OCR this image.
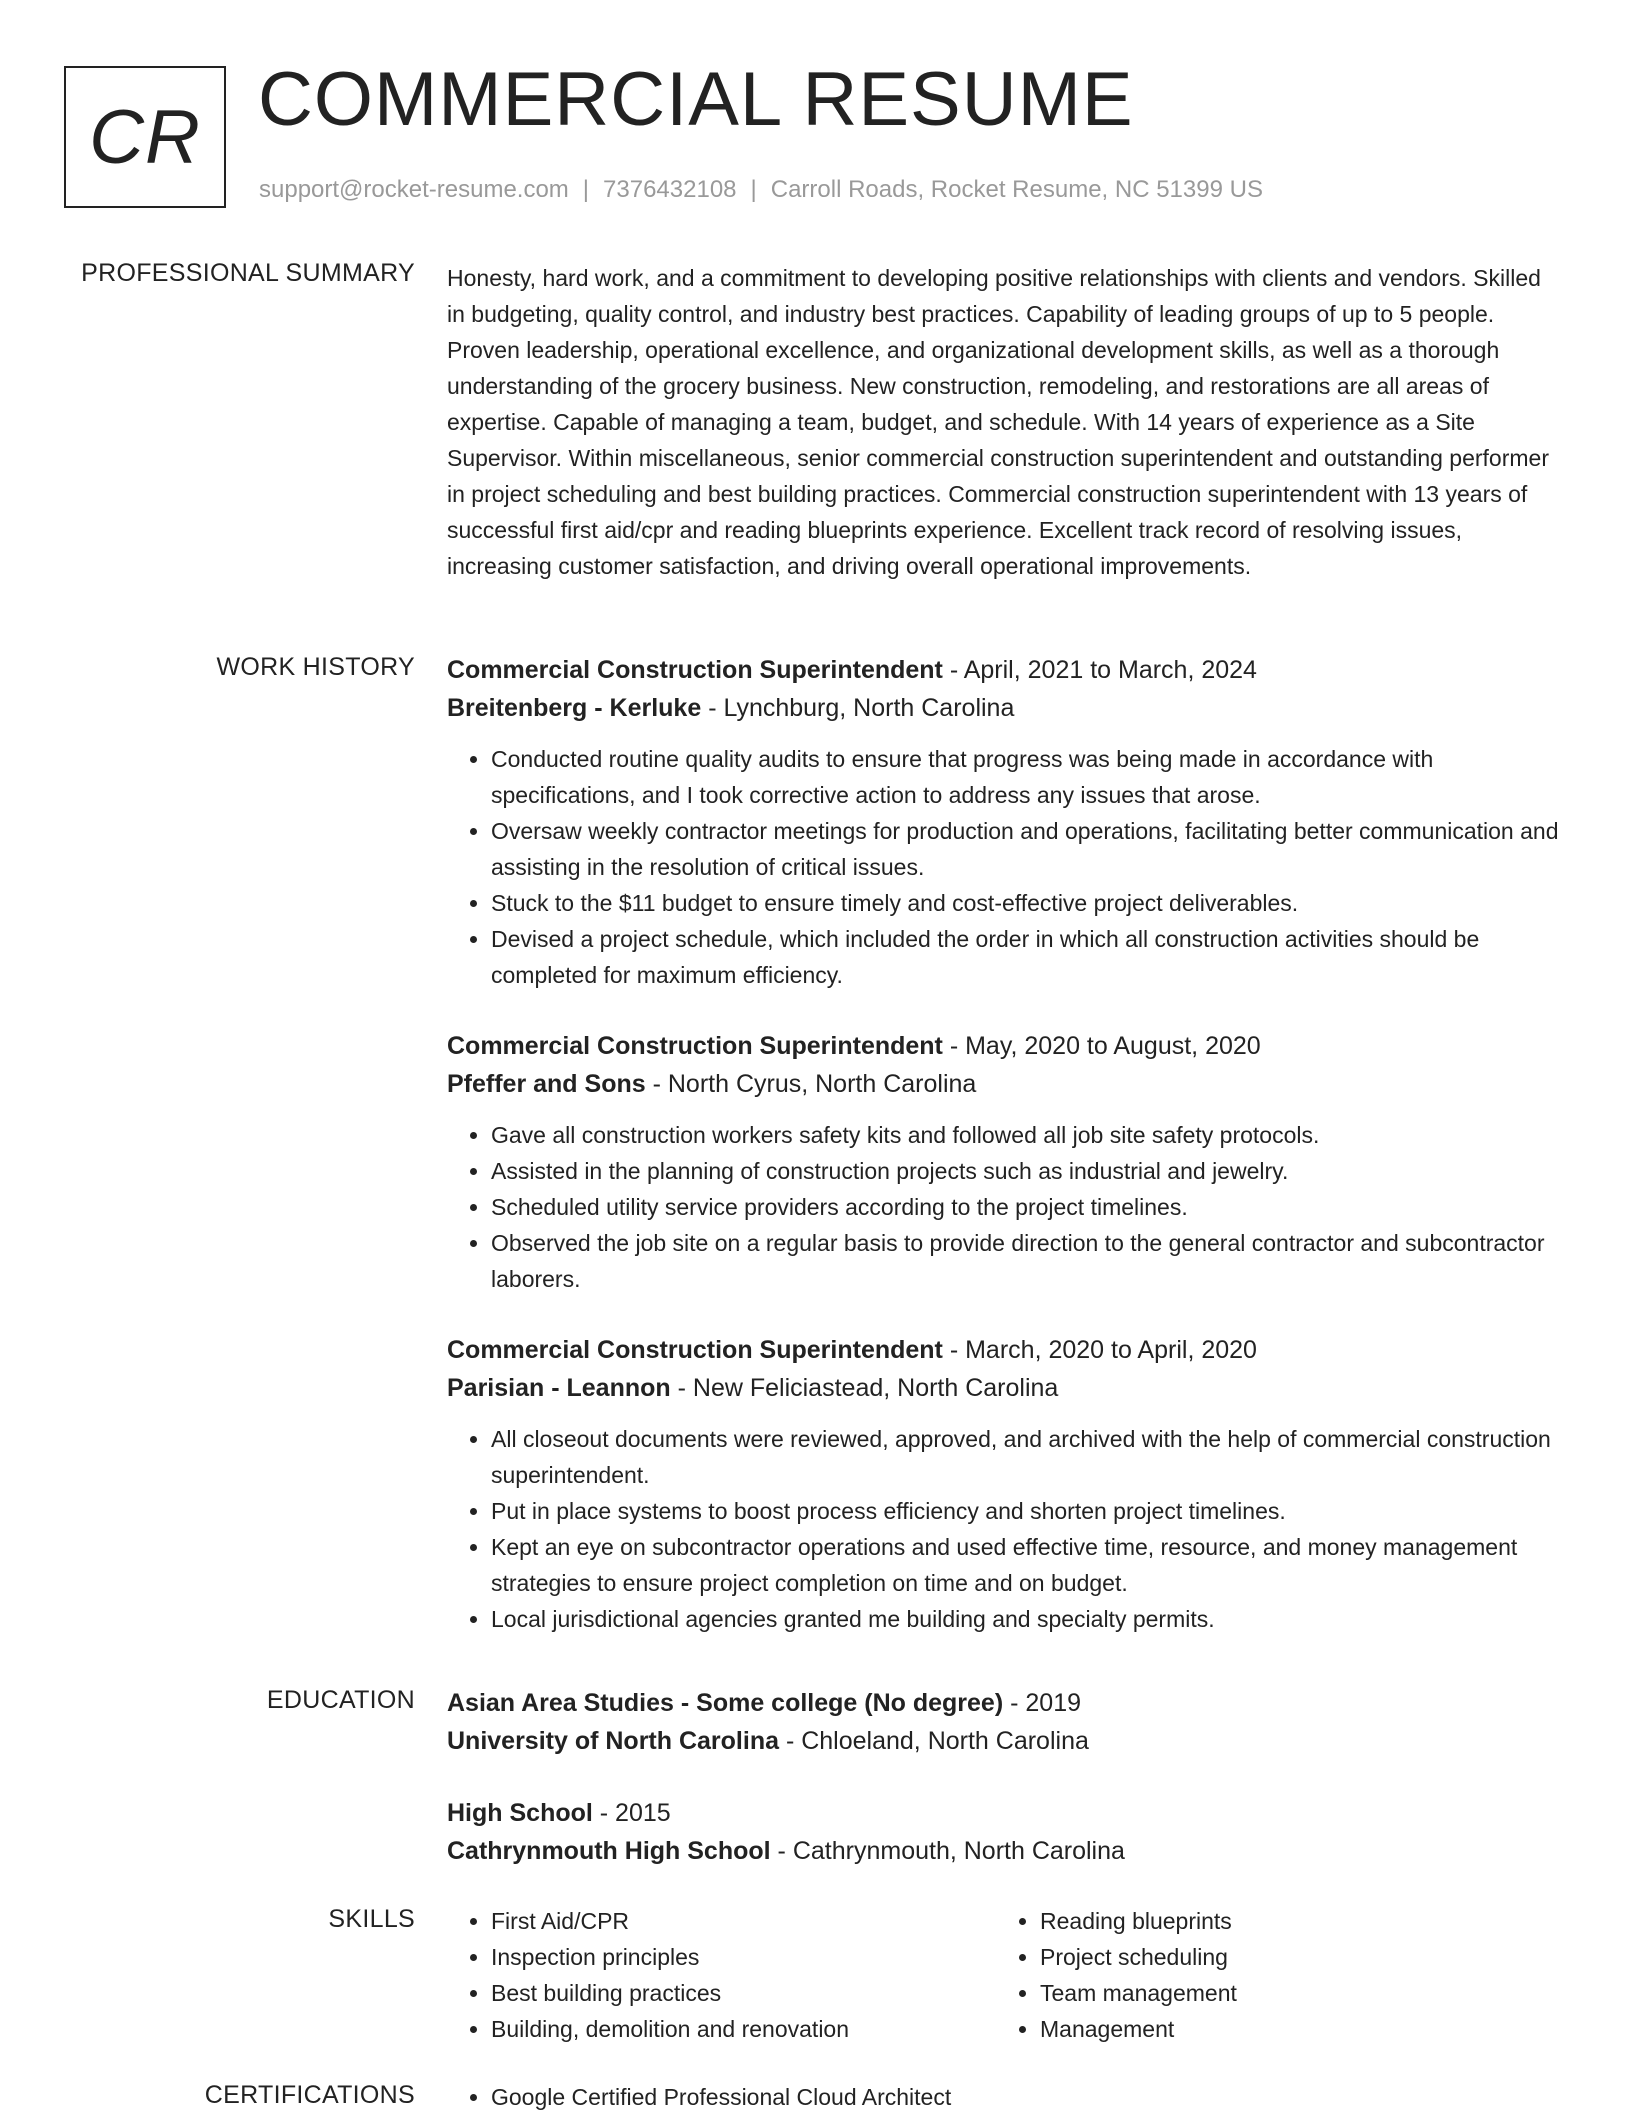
CR COMMERCIAL RESUME
support@rocket-resume.com | 7376432108 | Carroll Roads, Rocket Resume, NC 51399 US
PROFESSIONAL SUMMARY Honesty, hard work, and a commitment to developing positive relationships with clients and vendors. Skilled in budgeting, quality control, and industry best practices. Capability of leading groups of up to 5 people. Proven leadership, operational excellence, and organizational development skills, as well as a thorough understanding of the grocery business. New construction, remodeling, and restorations are all areas of expertise. Capable of managing a team, budget, and schedule. With 14 years of experience as a Site Supervisor. Within miscellaneous, senior commercial construction superintendent and outstanding performer in project scheduling and best building practices. Commercial construction superintendent with 13 years of successful first aid/cpr and reading blueprints experience. Excellent track record of resolving issues, increasing customer satisfaction, and driving overall operational improvements.
WORK HISTORY Commercial Construction Superintendent - April, 2021 to March, 2024
Breitenberg - Kerluke - Lynchburg, North Carolina
• Conducted routine quality audits to ensure that progress was being made in accordance with specifications, and I took corrective action to address any issues that arose.
• Oversaw weekly contractor meetings for production and operations, facilitating better communication and assisting in the resolution of critical issues.
• Stuck to the $11 budget to ensure timely and cost-effective project deliverables.
• Devised a project schedule, which included the order in which all construction activities should be completed for maximum efficiency.
Commercial Construction Superintendent - May, 2020 to August, 2020
Pfeffer and Sons - North Cyrus, North Carolina
• Gave all construction workers safety kits and followed all job site safety protocols.
• Assisted in the planning of construction projects such as industrial and jewelry.
• Scheduled utility service providers according to the project timelines.
• Observed the job site on a regular basis to provide direction to the general contractor and subcontractor laborers.
Commercial Construction Superintendent - March, 2020 to April, 2020
Parisian - Leannon - New Feliciastead, North Carolina
• All closeout documents were reviewed, approved, and archived with the help of commercial construction superintendent.
• Put in place systems to boost process efficiency and shorten project timelines.
• Kept an eye on subcontractor operations and used effective time, resource, and money management strategies to ensure project completion on time and on budget.
• Local jurisdictional agencies granted me building and specialty permits.
EDUCATION Asian Area Studies - Some college (No degree) - 2019
University of North Carolina - Chloeland, North Carolina
High School - 2015
Cathrynmouth High School - Cathrynmouth, North Carolina
SKILLS	• First Aid/CPR
• Inspection principles
• Best building practices
• Building, demolition and renovation
• Reading blueprints
• Project scheduling
• Team management
• Management
CERTIFICATIONS	• Google Certified Professional Cloud Architect
